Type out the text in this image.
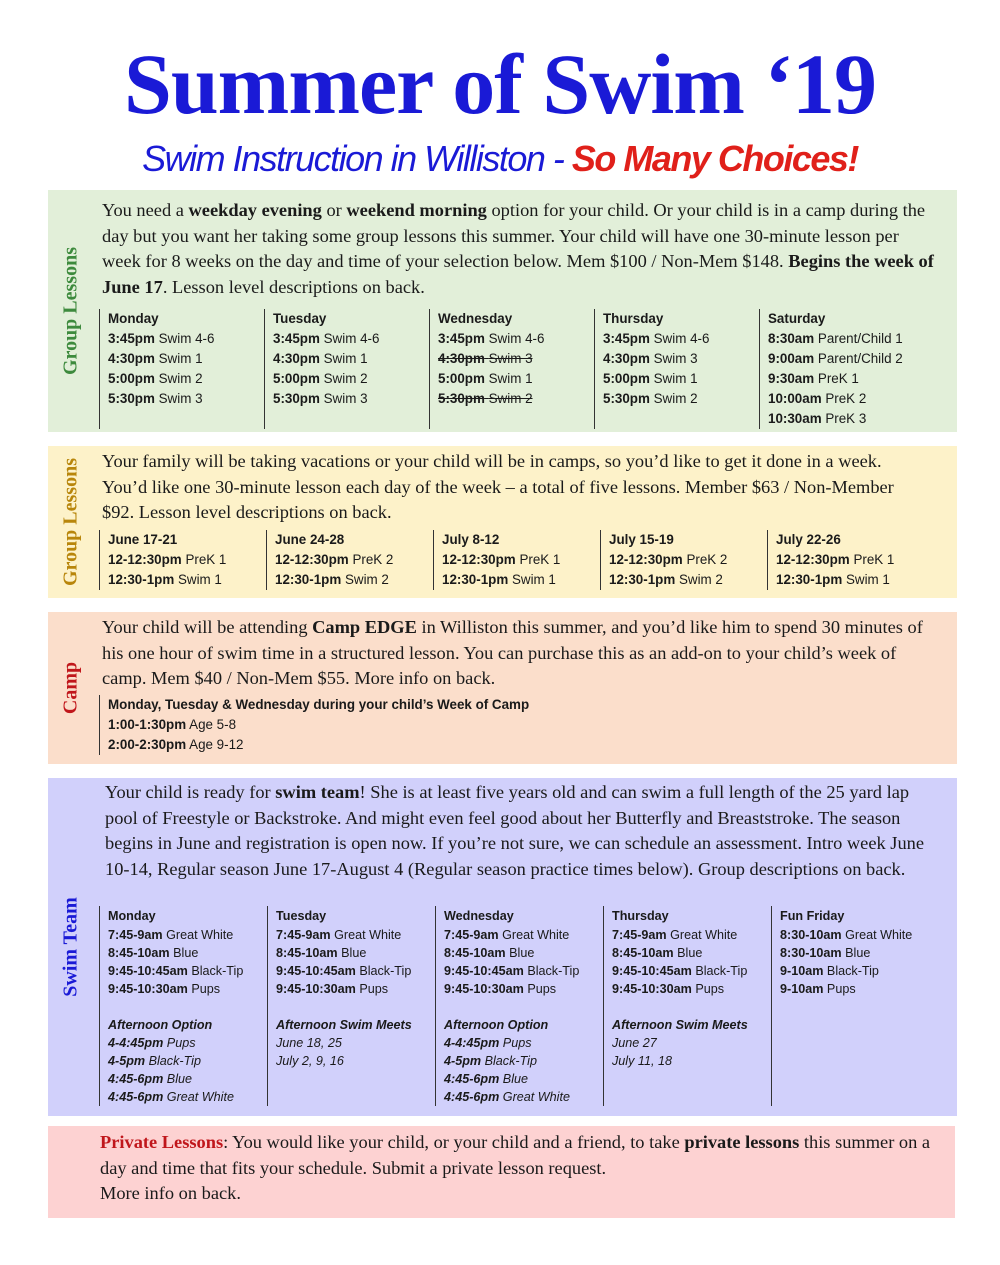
Summer of Swim ‘19
Swim Instruction in Williston - So Many Choices!
Group Lessons
You need a weekday evening or weekend morning option for your child. Or your child is in a camp during the day but you want her taking some group lessons this summer. Your child will have one 30-minute lesson per week for 8 weeks on the day and time of your selection below. Mem $100 / Non-Mem $148. Begins the week of June 17. Lesson level descriptions on back.
Monday
3:45pm Swim 4-6
4:30pm Swim 1
5:00pm Swim 2
5:30pm Swim 3
Tuesday
3:45pm Swim 4-6
4:30pm Swim 1
5:00pm Swim 2
5:30pm Swim 3
Wednesday
3:45pm Swim 4-6
4:30pm Swim 3
5:00pm Swim 1
5:30pm Swim 2
Thursday
3:45pm Swim 4-6
4:30pm Swim 3
5:00pm Swim 1
5:30pm Swim 2
Saturday
8:30am Parent/Child 1
9:00am Parent/Child 2
9:30am PreK 1
10:00am PreK 2
10:30am PreK 3
Group Lessons Your family will be taking vacations or your child will be in camps, so you’d like to get it done in a week. You’d like one 30-minute lesson each day of the week – a total of five lessons. Member $63 / Non-Member $92. Lesson level descriptions on back.
June 17-21
12-12:30pm PreK 1
12:30-1pm Swim 1
June 24-28
12-12:30pm PreK 2
12:30-1pm Swim 2
July 8-12
12-12:30pm PreK 1
12:30-1pm Swim 1
July 15-19
12-12:30pm PreK 2
12:30-1pm Swim 2
July 22-26
12-12:30pm PreK 1
12:30-1pm Swim 1
Camp
Your child will be attending Camp EDGE in Williston this summer, and you’d like him to spend 30 minutes of his one hour of swim time in a structured lesson. You can purchase this as an add-on to your child’s week of camp. Mem $40 / Non-Mem $55. More info on back.
Monday, Tuesday & Wednesday during your child’s Week of Camp
1:00-1:30pm Age 5-8
2:00-2:30pm Age 9-12
Swim Team
Your child is ready for swim team! She is at least five years old and can swim a full length of the 25 yard lap pool of Freestyle or Backstroke. And might even feel good about her Butterfly and Breaststroke. The season begins in June and registration is open now. If you’re not sure, we can schedule an assessment. Intro week June 10-14, Regular season June 17-August 4 (Regular season practice times below). Group descriptions on back.
Monday
7:45-9am Great White
8:45-10am Blue
9:45-10:45am Black-Tip
9:45-10:30am Pups
Afternoon Option
4-4:45pm Pups
4-5pm Black-Tip
4:45-6pm Blue
4:45-6pm Great White
Tuesday
7:45-9am Great White
8:45-10am Blue
9:45-10:45am Black-Tip
9:45-10:30am Pups
Afternoon Swim Meets
June 18, 25
July 2, 9, 16
Wednesday
7:45-9am Great White
8:45-10am Blue
9:45-10:45am Black-Tip
9:45-10:30am Pups
Afternoon Option
4-4:45pm Pups
4-5pm Black-Tip
4:45-6pm Blue
4:45-6pm Great White
Thursday
7:45-9am Great White
8:45-10am Blue
9:45-10:45am Black-Tip
9:45-10:30am Pups
Afternoon Swim Meets
June 27
July 11, 18
Fun Friday
8:30-10am Great White
8:30-10am Blue
9-10am Black-Tip
9-10am Pups
Private Lessons: You would like your child, or your child and a friend, to take private lessons this summer on a day and time that fits your schedule. Submit a private lesson request.
More info on back.
